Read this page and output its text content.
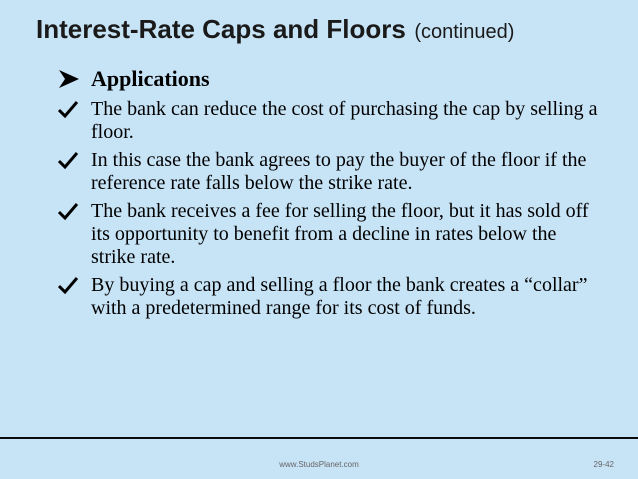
Interest-Rate Caps and Floors (continued)
Applications
The bank can reduce the cost of purchasing the cap by selling a floor.
In this case the bank agrees to pay the buyer of the floor if the reference rate falls below the strike rate.
The bank receives a fee for selling the floor, but it has sold off its opportunity to benefit from a decline in rates below the strike rate.
By buying a cap and selling a floor the bank creates a “collar” with a predetermined range for its cost of funds.
www.StudsPlanet.com	29-42
